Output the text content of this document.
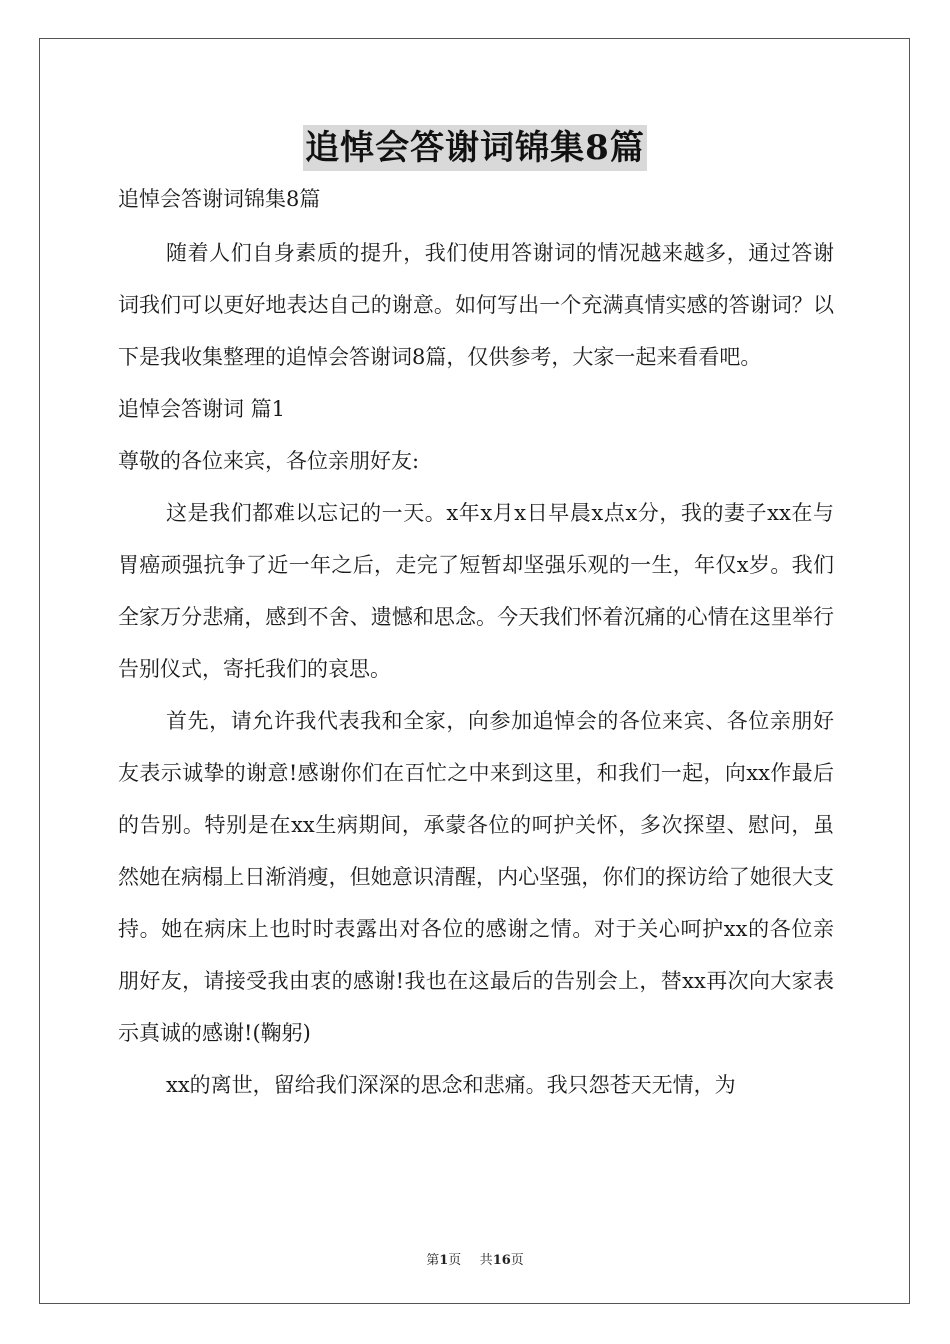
追悼会答谢词锦集8篇

追悼会答谢词锦集8篇

随着人们自身素质的提升，我们使用答谢词的情况越来越多，通过答谢词我们可以更好地表达自己的谢意。如何写出一个充满真情实感的答谢词？以下是我收集整理的追悼会答谢词8篇，仅供参考，大家一起来看看吧。

追悼会答谢词 篇1

尊敬的各位来宾，各位亲朋好友:

这是我们都难以忘记的一天。x年x月x日早晨x点x分，我的妻子xx在与胃癌顽强抗争了近一年之后，走完了短暂却坚强乐观的一生，年仅x岁。我们全家万分悲痛，感到不舍、遗憾和思念。今天我们怀着沉痛的心情在这里举行告别仪式，寄托我们的哀思。

首先，请允许我代表我和全家，向参加追悼会的各位来宾、各位亲朋好友表示诚挚的谢意!感谢你们在百忙之中来到这里，和我们一起，向xx作最后的告别。特别是在xx生病期间，承蒙各位的呵护关怀，多次探望、慰问，虽然她在病榻上日渐消瘦，但她意识清醒，内心坚强，你们的探访给了她很大支持。她在病床上也时时表露出对各位的感谢之情。对于关心呵护xx的各位亲朋好友，请接受我由衷的感谢!我也在这最后的告别会上，替xx再次向大家表示真诚的感谢!(鞠躬)

xx的离世，留给我们深深的思念和悲痛。我只怨苍天无情，为

第1页 共16页
